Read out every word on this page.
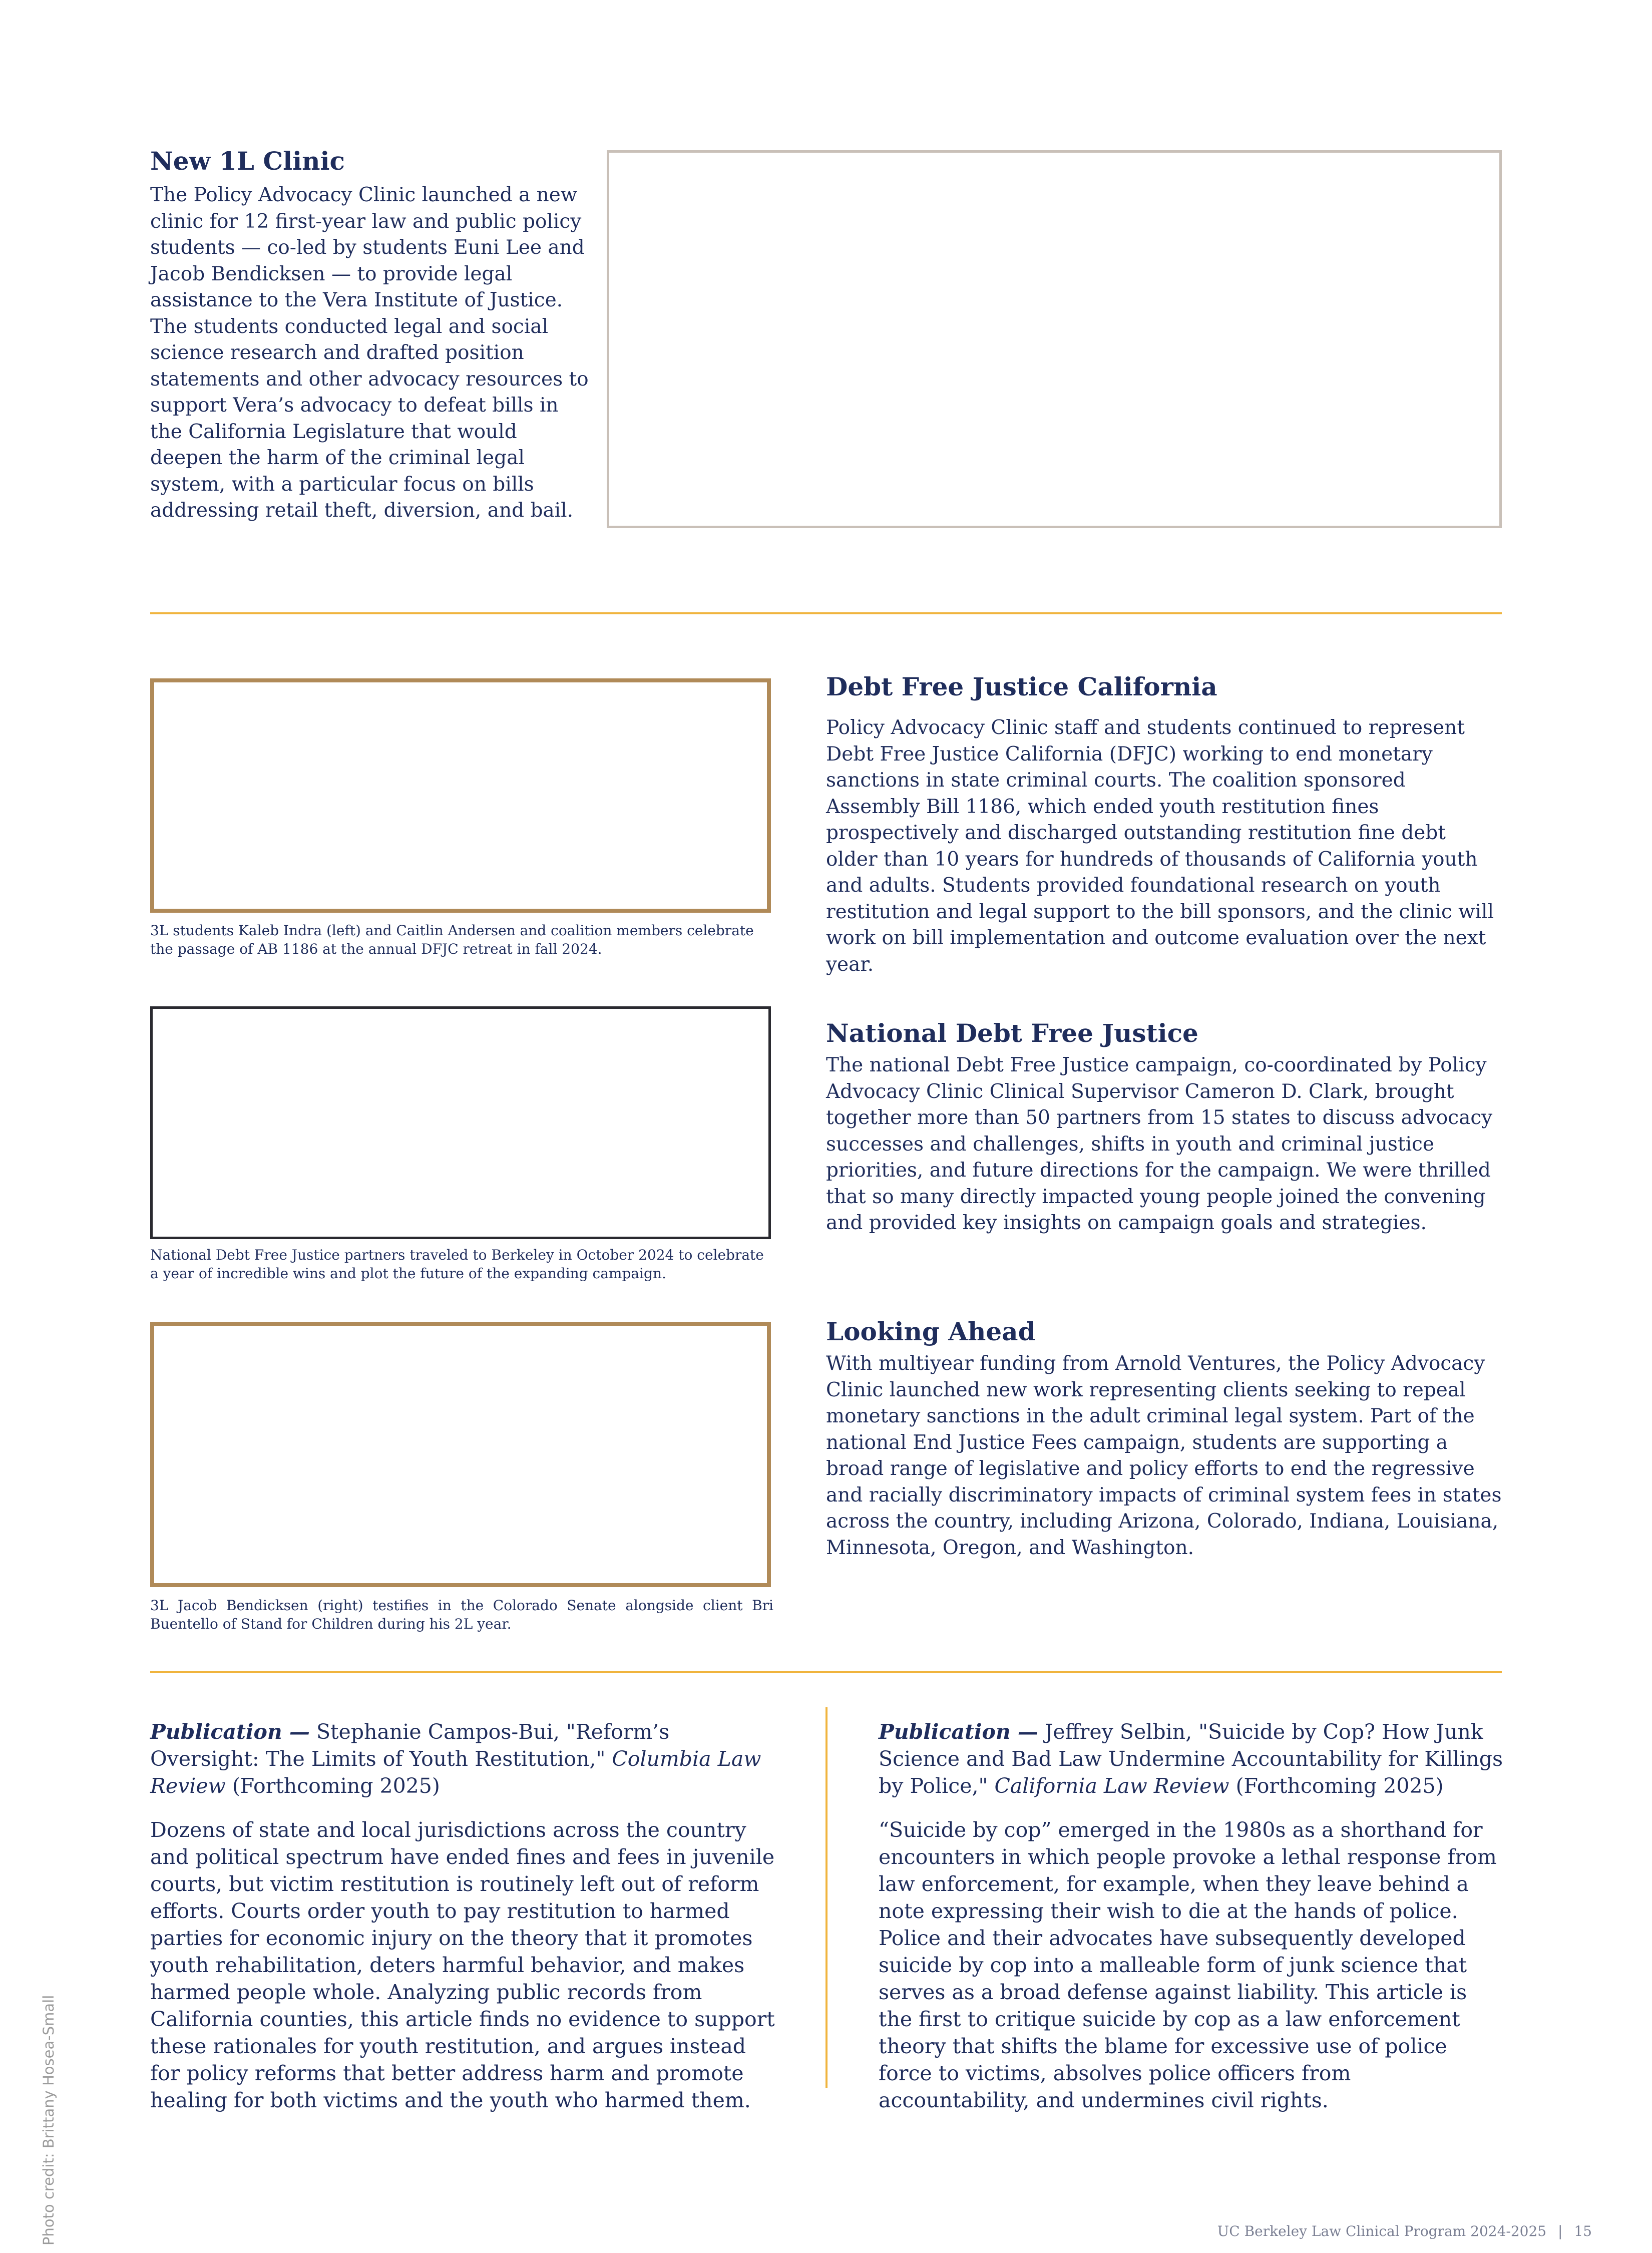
New 1L Clinic
The Policy Advocacy Clinic launched a new clinic for 12 first-year law and public policy students — co-led by students Euni Lee and Jacob Bendicksen — to provide legal assistance to the Vera Institute of Justice. The students conducted legal and social science research and drafted position statements and other advocacy resources to support Vera’s advocacy to defeat bills in the California Legislature that would deepen the harm of the criminal legal system, with a particular focus on bills addressing retail theft, diversion, and bail.
3L students Kaleb Indra (left) and Caitlin Andersen and coalition members celebrate the passage of AB 1186 at the annual DFJC retreat in fall 2024.
Debt Free Justice California
Policy Advocacy Clinic staff and students continued to represent Debt Free Justice California (DFJC) working to end monetary sanctions in state criminal courts. The coalition sponsored Assembly Bill 1186, which ended youth restitution fines prospectively and discharged outstanding restitution fine debt older than 10 years for hundreds of thousands of California youth and adults. Students provided foundational research on youth restitution and legal support to the bill sponsors, and the clinic will work on bill implementation and outcome evaluation over the next year.
National Debt Free Justice partners traveled to Berkeley in October 2024 to celebrate a year of incredible wins and plot the future of the expanding campaign.
National Debt Free Justice
The national Debt Free Justice campaign, co-coordinated by Policy Advocacy Clinic Clinical Supervisor Cameron D. Clark, brought together more than 50 partners from 15 states to discuss advocacy successes and challenges, shifts in youth and criminal justice priorities, and future directions for the campaign. We were thrilled that so many directly impacted young people joined the convening and provided key insights on campaign goals and strategies.
3L Jacob Bendicksen (right) testifies in the Colorado Senate alongside client Bri Buentello of Stand for Children during his 2L year.
Looking Ahead
With multiyear funding from Arnold Ventures, the Policy Advocacy Clinic launched new work representing clients seeking to repeal monetary sanctions in the adult criminal legal system. Part of the national End Justice Fees campaign, students are supporting a broad range of legislative and policy efforts to end the regressive and racially discriminatory impacts of criminal system fees in states across the country, including Arizona, Colorado, Indiana, Louisiana, Minnesota, Oregon, and Washington.
Publication — Stephanie Campos-Bui, "Reform’s Oversight: The Limits of Youth Restitution," Columbia Law Review (Forthcoming 2025)
Dozens of state and local jurisdictions across the country and political spectrum have ended fines and fees in juvenile courts, but victim restitution is routinely left out of reform efforts. Courts order youth to pay restitution to harmed parties for economic injury on the theory that it promotes youth rehabilitation, deters harmful behavior, and makes harmed people whole. Analyzing public records from California counties, this article finds no evidence to support these rationales for youth restitution, and argues instead for policy reforms that better address harm and promote healing for both victims and the youth who harmed them.
Publication — Jeffrey Selbin, "Suicide by Cop? How Junk Science and Bad Law Undermine Accountability for Killings by Police," California Law Review (Forthcoming 2025)
“Suicide by cop” emerged in the 1980s as a shorthand for encounters in which people provoke a lethal response from law enforcement, for example, when they leave behind a note expressing their wish to die at the hands of police. Police and their advocates have subsequently developed suicide by cop into a malleable form of junk science that serves as a broad defense against liability. This article is the first to critique suicide by cop as a law enforcement theory that shifts the blame for excessive use of police force to victims, absolves police officers from accountability, and undermines civil rights.
Photo credit: Brittany Hosea-Small	UC Berkeley Law Clinical Program 2024-2025 | 15
